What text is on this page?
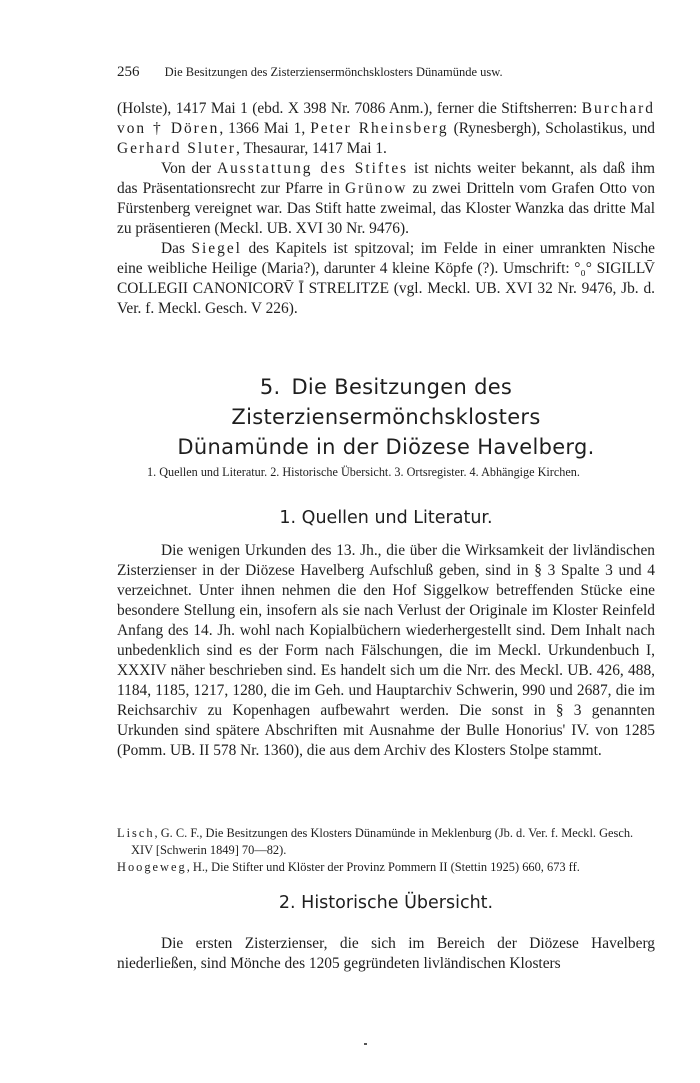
256 Die Besitzungen des Zisterziensermönchsklosters Dünamünde usw.

(Holste), 1417 Mai 1 (ebd. X 398 Nr. 7086 Anm.), ferner die Stiftsherren: Burchard von † Dören, 1366 Mai 1, Peter Rheinsberg (Rynesbergh), Scholastikus, und Gerhard Sluter, Thesaurar, 1417 Mai 1.

Von der Ausstattung des Stiftes ist nichts weiter bekannt, als daß ihm das Präsentationsrecht zur Pfarre in Grünow zu zwei Dritteln vom Grafen Otto von Fürstenberg vereignet war. Das Stift hatte zweimal, das Kloster Wanzka das dritte Mal zu präsentieren (Meckl. UB. XVI 30 Nr. 9476).

Das Siegel des Kapitels ist spitzoval; im Felde in einer umrankten Nische eine weibliche Heilige (Maria?), darunter 4 kleine Köpfe (?). Umschrift: °₀° SIGILLV̄ COLLEGII CANONICORV̄ Ī STRELITZE (vgl. Meckl. UB. XVI 32 Nr. 9476, Jb. d. Ver. f. Meckl. Gesch. V 226).

5. Die Besitzungen des Zisterziensermönchsklosters
Dünamünde in der Diözese Havelberg.
1. Quellen und Literatur. 2. Historische Übersicht. 3. Ortsregister. 4. Abhängige Kirchen.
1. Quellen und Literatur.

Die wenigen Urkunden des 13. Jh., die über die Wirksamkeit der livländischen Zisterzienser in der Diözese Havelberg Aufschluß geben, sind in § 3 Spalte 3 und 4 verzeichnet. Unter ihnen nehmen die den Hof Siggelkow betreffenden Stücke eine besondere Stellung ein, insofern als sie nach Verlust der Originale im Kloster Reinfeld Anfang des 14. Jh. wohl nach Kopialbüchern wiederhergestellt sind. Dem Inhalt nach unbedenklich sind es der Form nach Fälschungen, die im Meckl. Urkundenbuch I, XXXIV näher beschrieben sind. Es handelt sich um die Nrr. des Meckl. UB. 426, 488, 1184, 1185, 1217, 1280, die im Geh. und Hauptarchiv Schwerin, 990 und 2687, die im Reichsarchiv zu Kopenhagen aufbewahrt werden. Die sonst in § 3 genannten Urkunden sind spätere Abschriften mit Ausnahme der Bulle Honorius' IV. von 1285 (Pomm. UB. II 578 Nr. 1360), die aus dem Archiv des Klosters Stolpe stammt.

Lisch, G. C. F., Die Besitzungen des Klosters Dünamünde in Meklenburg (Jb. d. Ver. f. Meckl. Gesch. XIV [Schwerin 1849] 70—82).

Hoogeweg, H., Die Stifter und Klöster der Provinz Pommern II (Stettin 1925) 660, 673 ff.

2. Historische Übersicht.

Die ersten Zisterzienser, die sich im Bereich der Diözese Havelberg niederließen, sind Mönche des 1205 gegründeten livländischen Klosters
